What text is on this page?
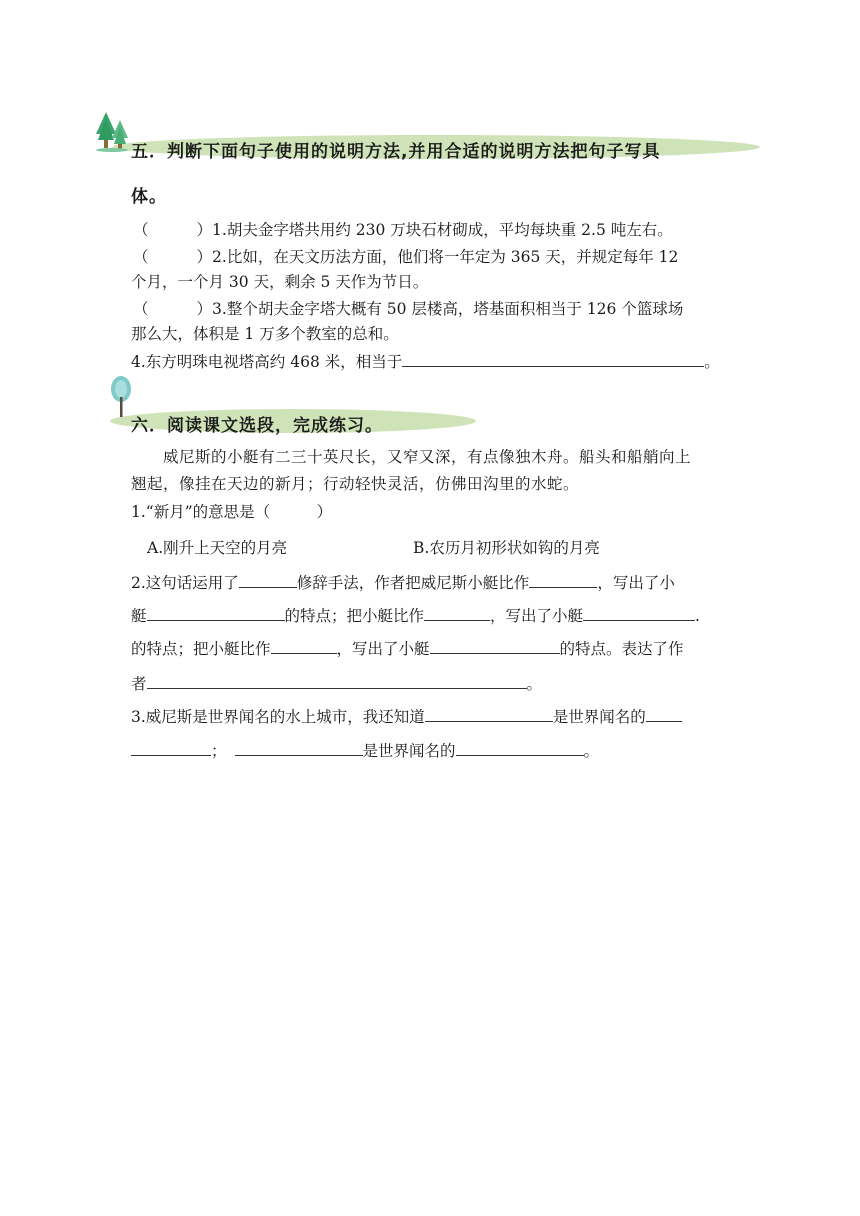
五．判断下面句子使用的说明方法,并用合适的说明方法把句子写具
体。
（	）1.胡夫金字塔共用约 230 万块石材砌成，平均每块重 2.5 吨左右。
（	）2.比如，在天文历法方面，他们将一年定为 365 天，并规定每年 12
个月，一个月 30 天，剩余 5 天作为节日。
（	）3.整个胡夫金字塔大概有 50 层楼高，塔基面积相当于 126 个篮球场
那么大，体积是 1 万多个教室的总和。
4.东方明珠电视塔高约 468 米，相当于	。
六．阅读课文选段，完成练习。
威尼斯的小艇有二三十英尺长，又窄又深，有点像独木舟。船头和船艄向上
翘起，像挂在天边的新月；行动轻快灵活，仿佛田沟里的水蛇。
1.“新月”的意思是（　　　）
A.刚升上天空的月亮	B.农历月初形状如钩的月亮
2.这句话运用了	修辞手法，作者把威尼斯小艇比作	，写出了小
艇	的特点；把小艇比作	，写出了小艇	.
的特点；把小艇比作	，写出了小艇	的特点。表达了作
者	。
3.威尼斯是世界闻名的水上城市，我还知道	是世界闻名的
；	是世界闻名的	。
